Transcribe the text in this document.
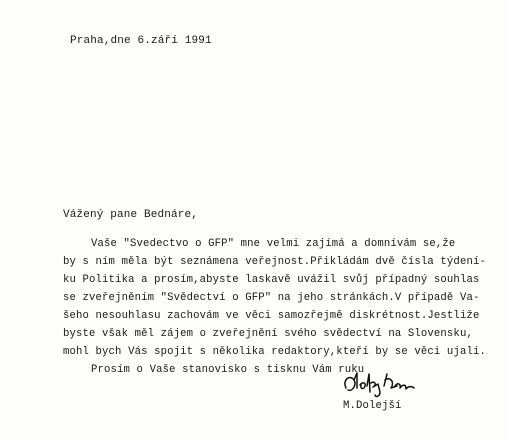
Praha,dne 6.září 1991
Vážený pane Bednáre,
Vaše "Svedectvo o GFP" mne velmi zajímá a domnívám se,že
by s ním měla být seznámena veřejnost.Přikládám dvě čísla týdení-
ku Politika a prosím,abyste laskavě uvážil svůj případný souhlas
se zveřejněním "Svědectví o GFP" na jeho stránkách.V případě Va-
šeho nesouhlasu zachovám ve věci samozřejmě diskrétnost.Jestliže
byste však měl zájem o zveřejnění svého svědectví na Slovensku,
mohl bych Vás spojit s několika redaktory,kteří by se věci ujali.
Prosím o Vaše stanovisko s tisknu Vám ruku
M.Dolejší
